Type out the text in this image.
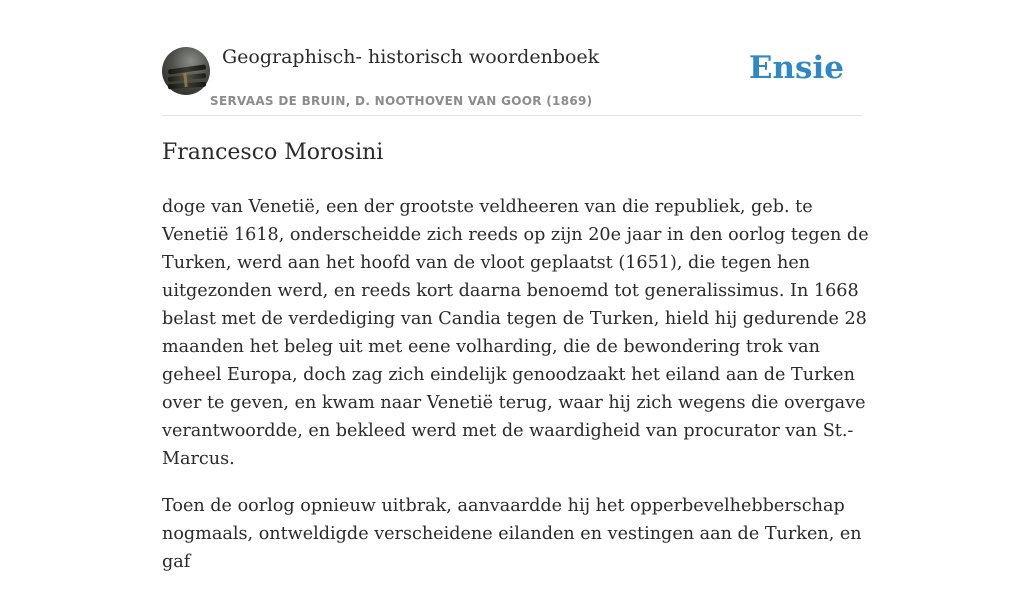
Geographisch- historisch woordenboek
SERVAAS DE BRUIN, D. NOOTHOVEN VAN GOOR (1869)
Ensie
Francesco Morosini

doge van Venetië, een der grootste veldheeren van die republiek, geb. te Venetië 1618, onderscheidde zich reeds op zijn 20e jaar in den oorlog tegen de Turken, werd aan het hoofd van de vloot geplaatst (1651), die tegen hen uitgezonden werd, en reeds kort daarna benoemd tot generalissimus. In 1668 belast met de verdediging van Candia tegen de Turken, hield hij gedurende 28 maanden het beleg uit met eene volharding, die de bewondering trok van geheel Europa, doch zag zich eindelijk genoodzaakt het eiland aan de Turken over te geven, en kwam naar Venetië terug, waar hij zich wegens die overgave verantwoordde, en bekleed werd met de waardigheid van procurator van St.-Marcus.

Toen de oorlog opnieuw uitbrak, aanvaardde hij het opperbevelhebberschap nogmaals, ontweldigde verscheidene eilanden en vestingen aan de Turken, en gaf
